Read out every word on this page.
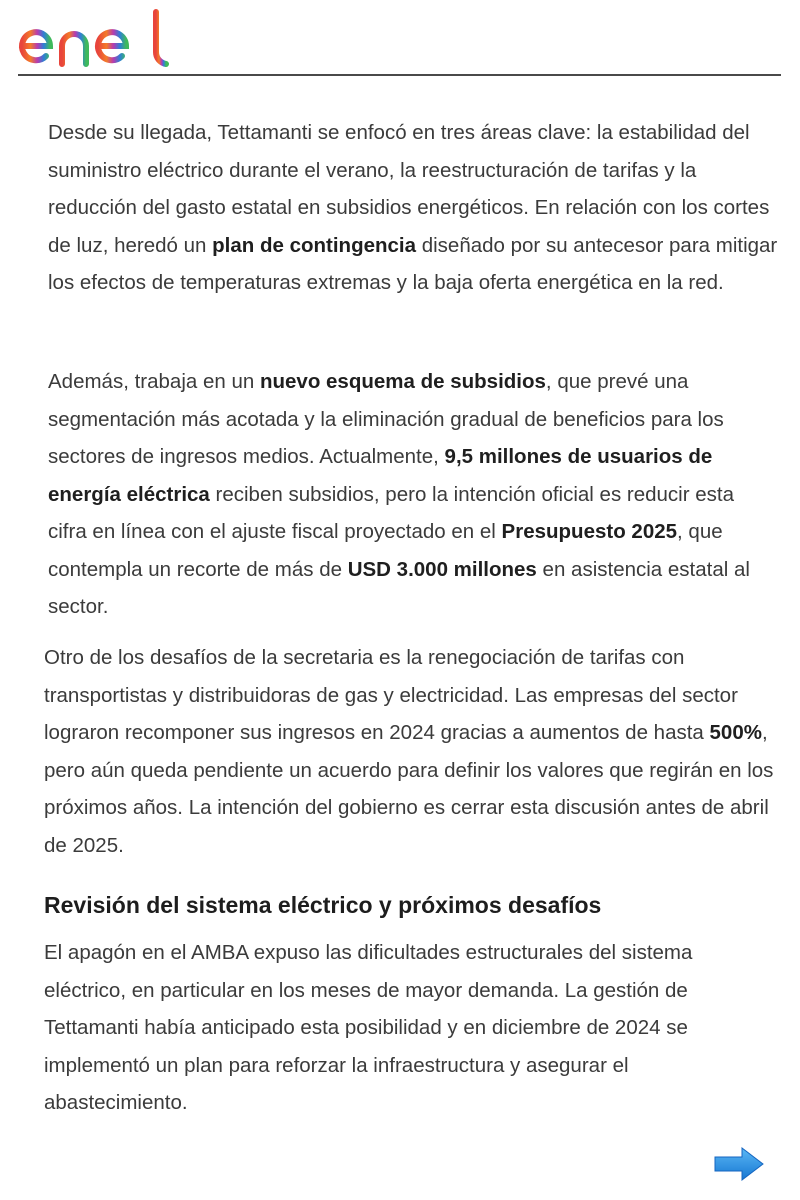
Desde su llegada, Tettamanti se enfocó en tres áreas clave: la estabilidad del suministro eléctrico durante el verano, la reestructuración de tarifas y la reducción del gasto estatal en subsidios energéticos. En relación con los cortes de luz, heredó un plan de contingencia diseñado por su antecesor para mitigar los efectos de temperaturas extremas y la baja oferta energética en la red.

Además, trabaja en un nuevo esquema de subsidios, que prevé una segmentación más acotada y la eliminación gradual de beneficios para los sectores de ingresos medios. Actualmente, 9,5 millones de usuarios de energía eléctrica reciben subsidios, pero la intención oficial es reducir esta cifra en línea con el ajuste fiscal proyectado en el Presupuesto 2025, que contempla un recorte de más de USD 3.000 millones en asistencia estatal al sector.

Otro de los desafíos de la secretaria es la renegociación de tarifas con transportistas y distribuidoras de gas y electricidad. Las empresas del sector lograron recomponer sus ingresos en 2024 gracias a aumentos de hasta 500%, pero aún queda pendiente un acuerdo para definir los valores que regirán en los próximos años. La intención del gobierno es cerrar esta discusión antes de abril de 2025.

Revisión del sistema eléctrico y próximos desafíos

El apagón en el AMBA expuso las dificultades estructurales del sistema eléctrico, en particular en los meses de mayor demanda. La gestión de Tettamanti había anticipado esta posibilidad y en diciembre de 2024 se implementó un plan para reforzar la infraestructura y asegurar el abastecimiento.
